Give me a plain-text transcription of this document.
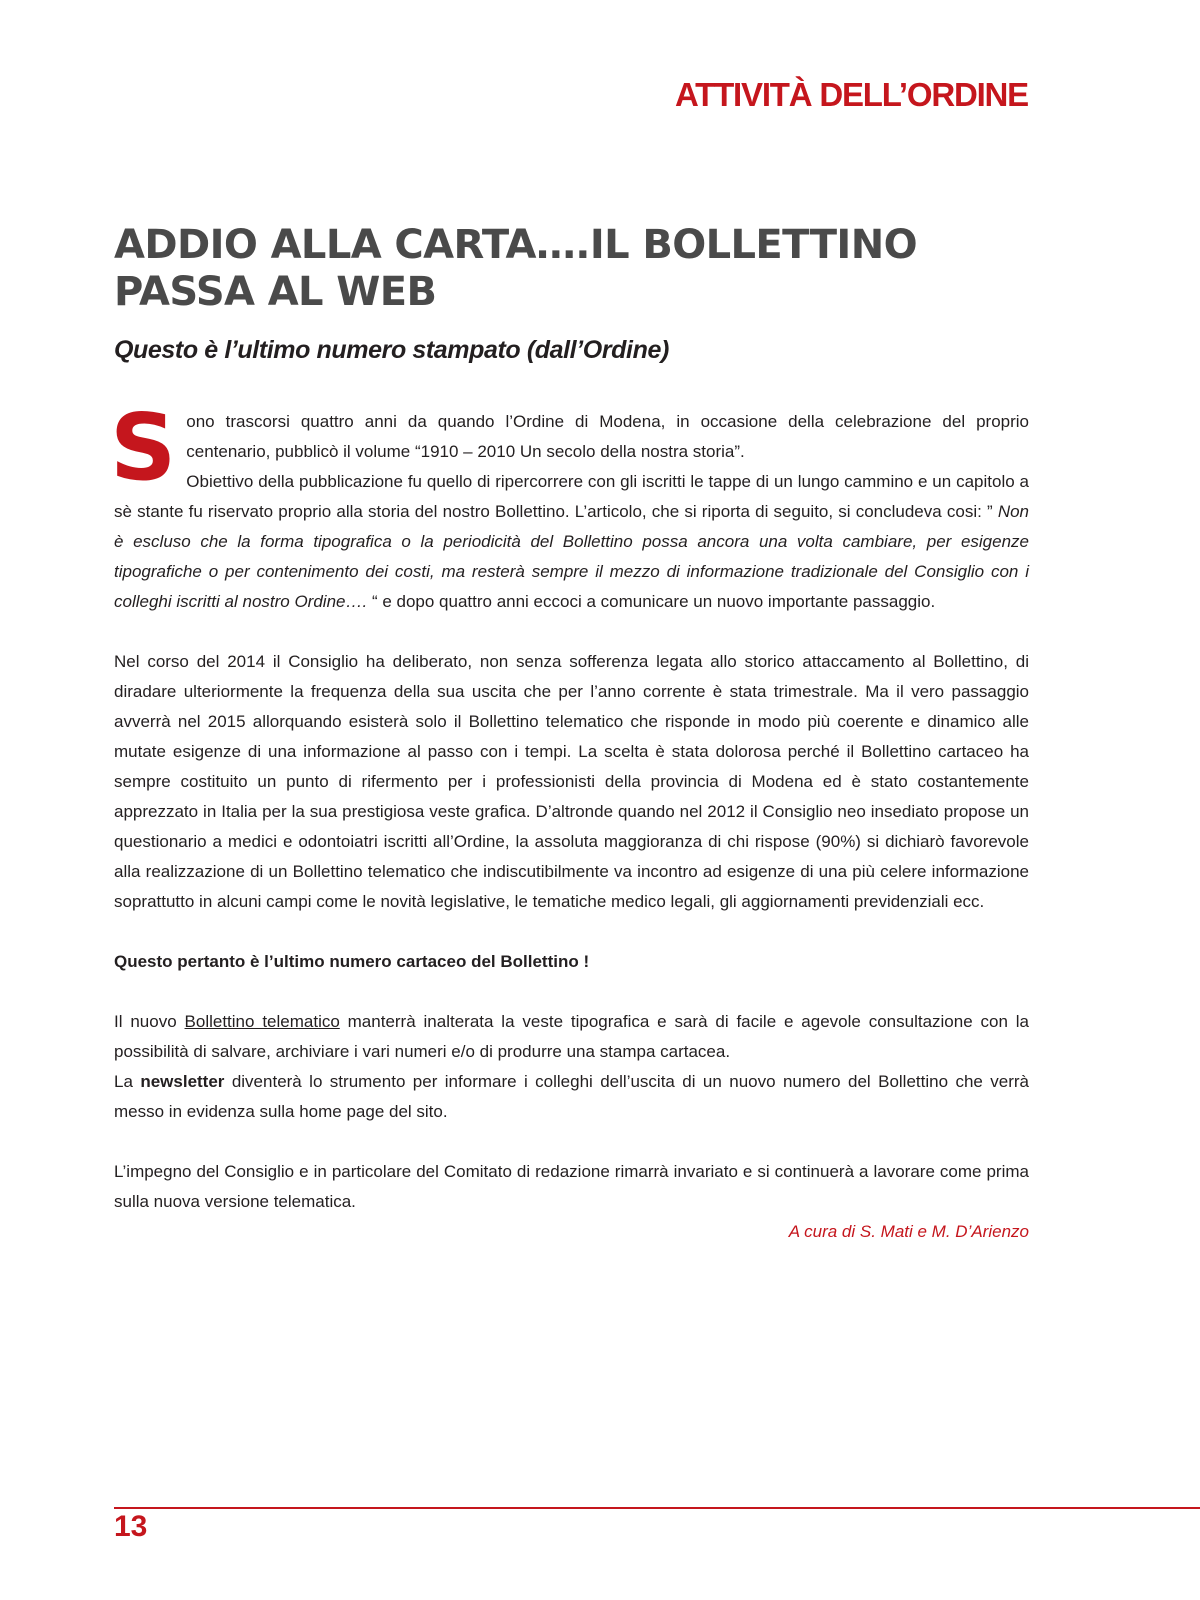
ATTIVITÀ DELL’ORDINE
ADDIO ALLA CARTA….IL BOLLETTINO PASSA AL WEB
Questo è l’ultimo numero stampato (dall’Ordine)

Sono trascorsi quattro anni da quando l’Ordine di Modena, in occasione della celebrazione del proprio centenario, pubblicò il volume “1910 – 2010 Un secolo della nostra storia”.

Obiettivo della pubblicazione fu quello di ripercorrere con gli iscritti le tappe di un lungo cammino e un capitolo a sè stante fu riservato proprio alla storia del nostro Bollettino. L’articolo, che si riporta di seguito, si concludeva cosi: ” Non è escluso che la forma tipografica o la periodicità del Bollettino possa ancora una volta cambiare, per esigenze tipografiche o per contenimento dei costi, ma resterà sempre il mezzo di informazione tradizionale del Consiglio con i colleghi iscritti al nostro Ordine…. “ e dopo quattro anni eccoci a comunicare un nuovo importante passaggio.

Nel corso del 2014 il Consiglio ha deliberato, non senza sofferenza legata allo storico attaccamento al Bollettino, di diradare ulteriormente la frequenza della sua uscita che per l’anno corrente è stata trimestrale. Ma il vero passaggio avverrà nel 2015 allorquando esisterà solo il Bollettino telematico che risponde in modo più coerente e dinamico alle mutate esigenze di una informazione al passo con i tempi. La scelta è stata dolorosa perché il Bollettino cartaceo ha sempre costituito un punto di rifermento per i professionisti della provincia di Modena ed è stato costantemente apprezzato in Italia per la sua prestigiosa veste grafica. D’altronde quando nel 2012 il Consiglio neo insediato propose un questionario a medici e odontoiatri iscritti all’Ordine, la assoluta maggioranza di chi rispose (90%) si dichiarò favorevole alla realizzazione di un Bollettino telematico che indiscutibilmente va incontro ad esigenze di una più celere informazione soprattutto in alcuni campi come le novità legislative, le tematiche medico legali, gli aggiornamenti previdenziali ecc.

Questo pertanto è l’ultimo numero cartaceo del Bollettino !

Il nuovo Bollettino telematico manterrà inalterata la veste tipografica e sarà di facile e agevole consultazione con la possibilità di salvare, archiviare i vari numeri e/o di produrre una stampa cartacea.

La newsletter diventerà lo strumento per informare i colleghi dell’uscita di un nuovo numero del Bollettino che verrà messo in evidenza sulla home page del sito.

L’impegno del Consiglio e in particolare del Comitato di redazione rimarrà invariato e si continuerà a lavorare come prima sulla nuova versione telematica.

A cura di S. Mati e M. D’Arienzo

13
